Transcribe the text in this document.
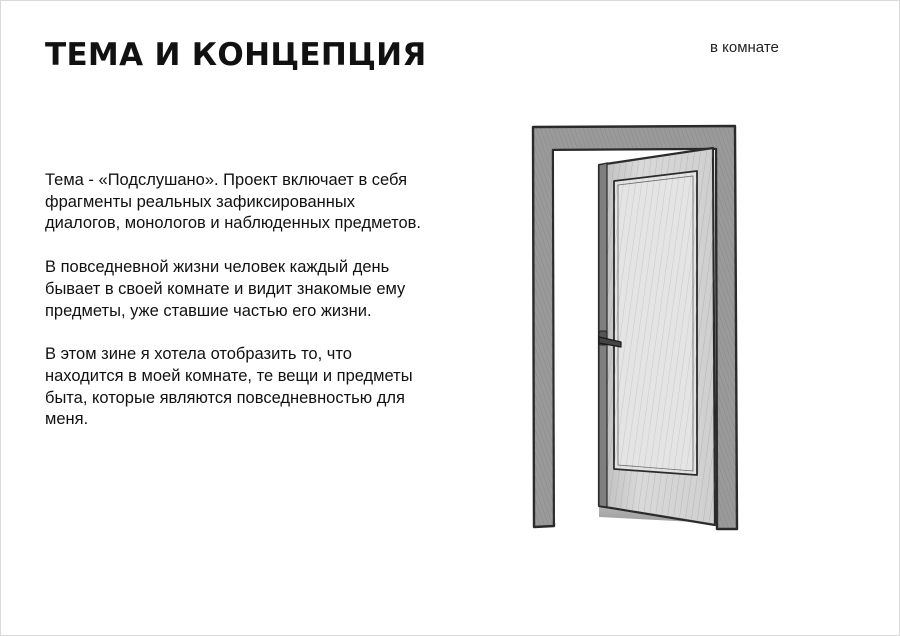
ТЕМА И КОНЦЕПЦИЯ	в комнате

Тема - «Подслушано». Проект включает в себя фрагменты реальных зафиксированных диалогов, монологов и наблюденных предметов.

В повседневной жизни человек каждый день бывает в своей комнате и видит знакомые ему предметы, уже ставшие частью его жизни.

В этом зине я хотела отобразить то, что находится в моей комнате, те вещи и предметы быта, которые являются повседневностью для меня.
